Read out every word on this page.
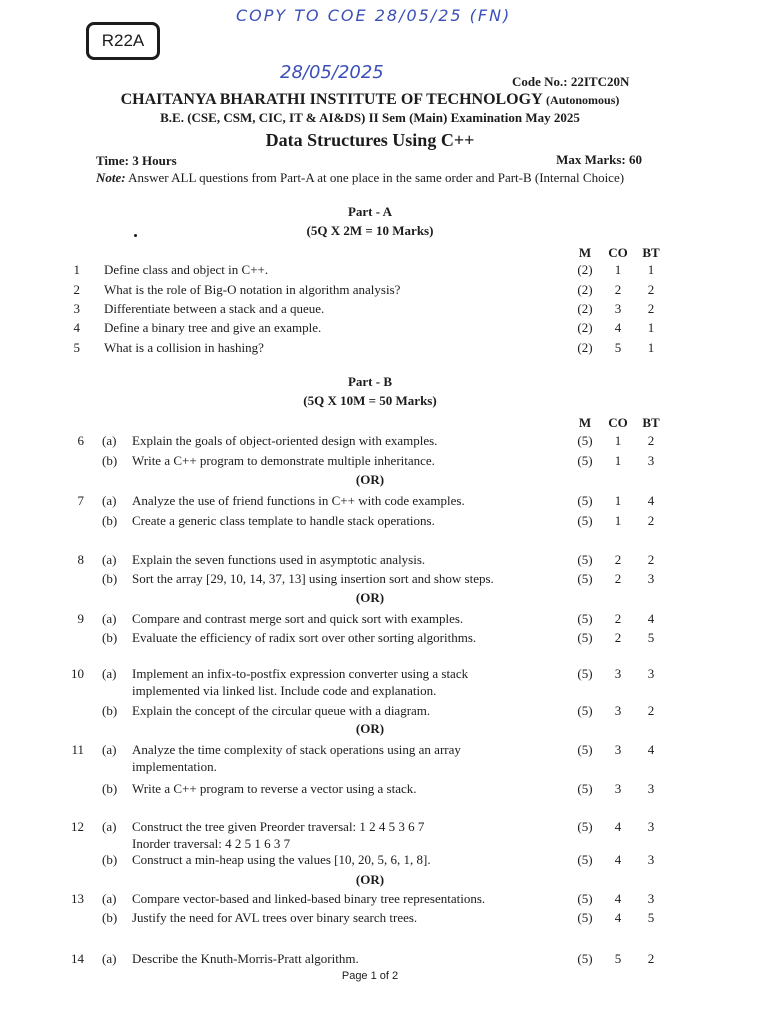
R22A
COPY TO COE 28/05/25 (FN)
28/05/2025	Code No.: 22ITC20N
CHAITANYA BHARATHI INSTITUTE OF TECHNOLOGY (Autonomous)
B.E. (CSE, CSM, CIC, IT & AI&DS) II Sem (Main) Examination May 2025
Data Structures Using C++
Time: 3 Hours	Max Marks: 60
Note: Answer ALL questions from Part-A at one place in the same order and Part-B (Internal Choice)
Part - A
(5Q X 2M = 10 Marks)
M	CO	BT
1 Define class and object in C++.	(2)	1	1
2 What is the role of Big-O notation in algorithm analysis?	(2)	2	2
3 Differentiate between a stack and a queue.	(2)	3	2
4 Define a binary tree and give an example.	(2)	4	1
5 What is a collision in hashing?	(2)	5	1
Part - B
(5Q X 10M = 50 Marks)
M	CO	BT
6 (a) Explain the goals of object-oriented design with examples.	(5)	1	2
(b) Write a C++ program to demonstrate multiple inheritance.	(5)	1	3
7 (a) Analyze the use of friend functions in C++ with code examples.	(5)	1	4
(b) Create a generic class template to handle stack operations.	(5)	1	2
8 (a) Explain the seven functions used in asymptotic analysis.	(5)	2	2
(b) Sort the array [29, 10, 14, 37, 13] using insertion sort and show steps.	(5)	2	3
9 (a) Compare and contrast merge sort and quick sort with examples.	(5)	2	4
(b) Evaluate the efficiency of radix sort over other sorting algorithms.	(5)	2	5
10 (a) Implement an infix-to-postfix expression converter using a stack
implemented via linked list. Include code and explanation.
(5)	3	3
(b) Explain the concept of the circular queue with a diagram.	(5)	3	2
11 (a) Analyze the time complexity of stack operations using an array
implementation.
(5)	3	4
(b) Write a C++ program to reverse a vector using a stack.	(5)	3	3
12 (a) Construct the tree given Preorder traversal: 1 2 4 5 3 6 7
Inorder traversal: 4 2 5 1 6 3 7
(5)	4	3
(b) Construct a min-heap using the values [10, 20, 5, 6, 1, 8].	(5)	4	3
13 (a) Compare vector-based and linked-based binary tree representations.	(5)	4	3
(b) Justify the need for AVL trees over binary search trees.	(5)	4	5
14 (a) Describe the Knuth-Morris-Pratt algorithm.	(5)	5	2
(OR)
(OR)
(OR)
(OR)
Page 1 of 2
